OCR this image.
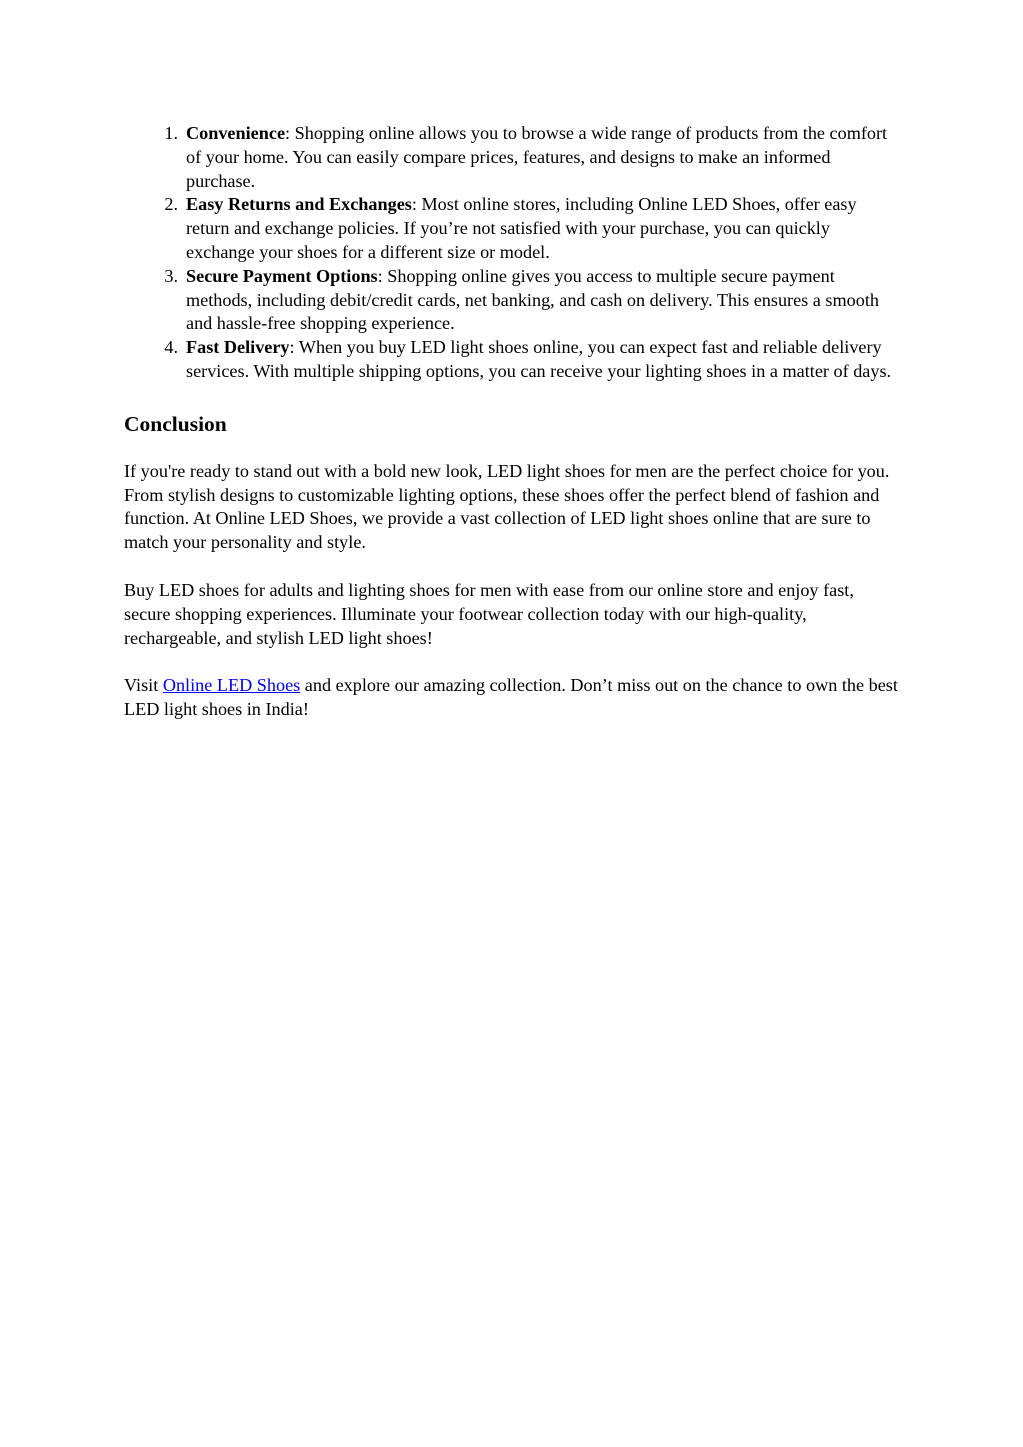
1. Convenience: Shopping online allows you to browse a wide range of products from the comfort of your home. You can easily compare prices, features, and designs to make an informed purchase.
2. Easy Returns and Exchanges: Most online stores, including Online LED Shoes, offer easy return and exchange policies. If you’re not satisfied with your purchase, you can quickly exchange your shoes for a different size or model.
3. Secure Payment Options: Shopping online gives you access to multiple secure payment methods, including debit/credit cards, net banking, and cash on delivery. This ensures a smooth and hassle-free shopping experience.
4. Fast Delivery: When you buy LED light shoes online, you can expect fast and reliable delivery services. With multiple shipping options, you can receive your lighting shoes in a matter of days.
Conclusion

If you're ready to stand out with a bold new look, LED light shoes for men are the perfect choice for you. From stylish designs to customizable lighting options, these shoes offer the perfect blend of fashion and function. At Online LED Shoes, we provide a vast collection of LED light shoes online that are sure to match your personality and style.

Buy LED shoes for adults and lighting shoes for men with ease from our online store and enjoy fast, secure shopping experiences. Illuminate your footwear collection today with our high-quality, rechargeable, and stylish LED light shoes!

Visit Online LED Shoes and explore our amazing collection. Don’t miss out on the chance to own the best LED light shoes in India!
